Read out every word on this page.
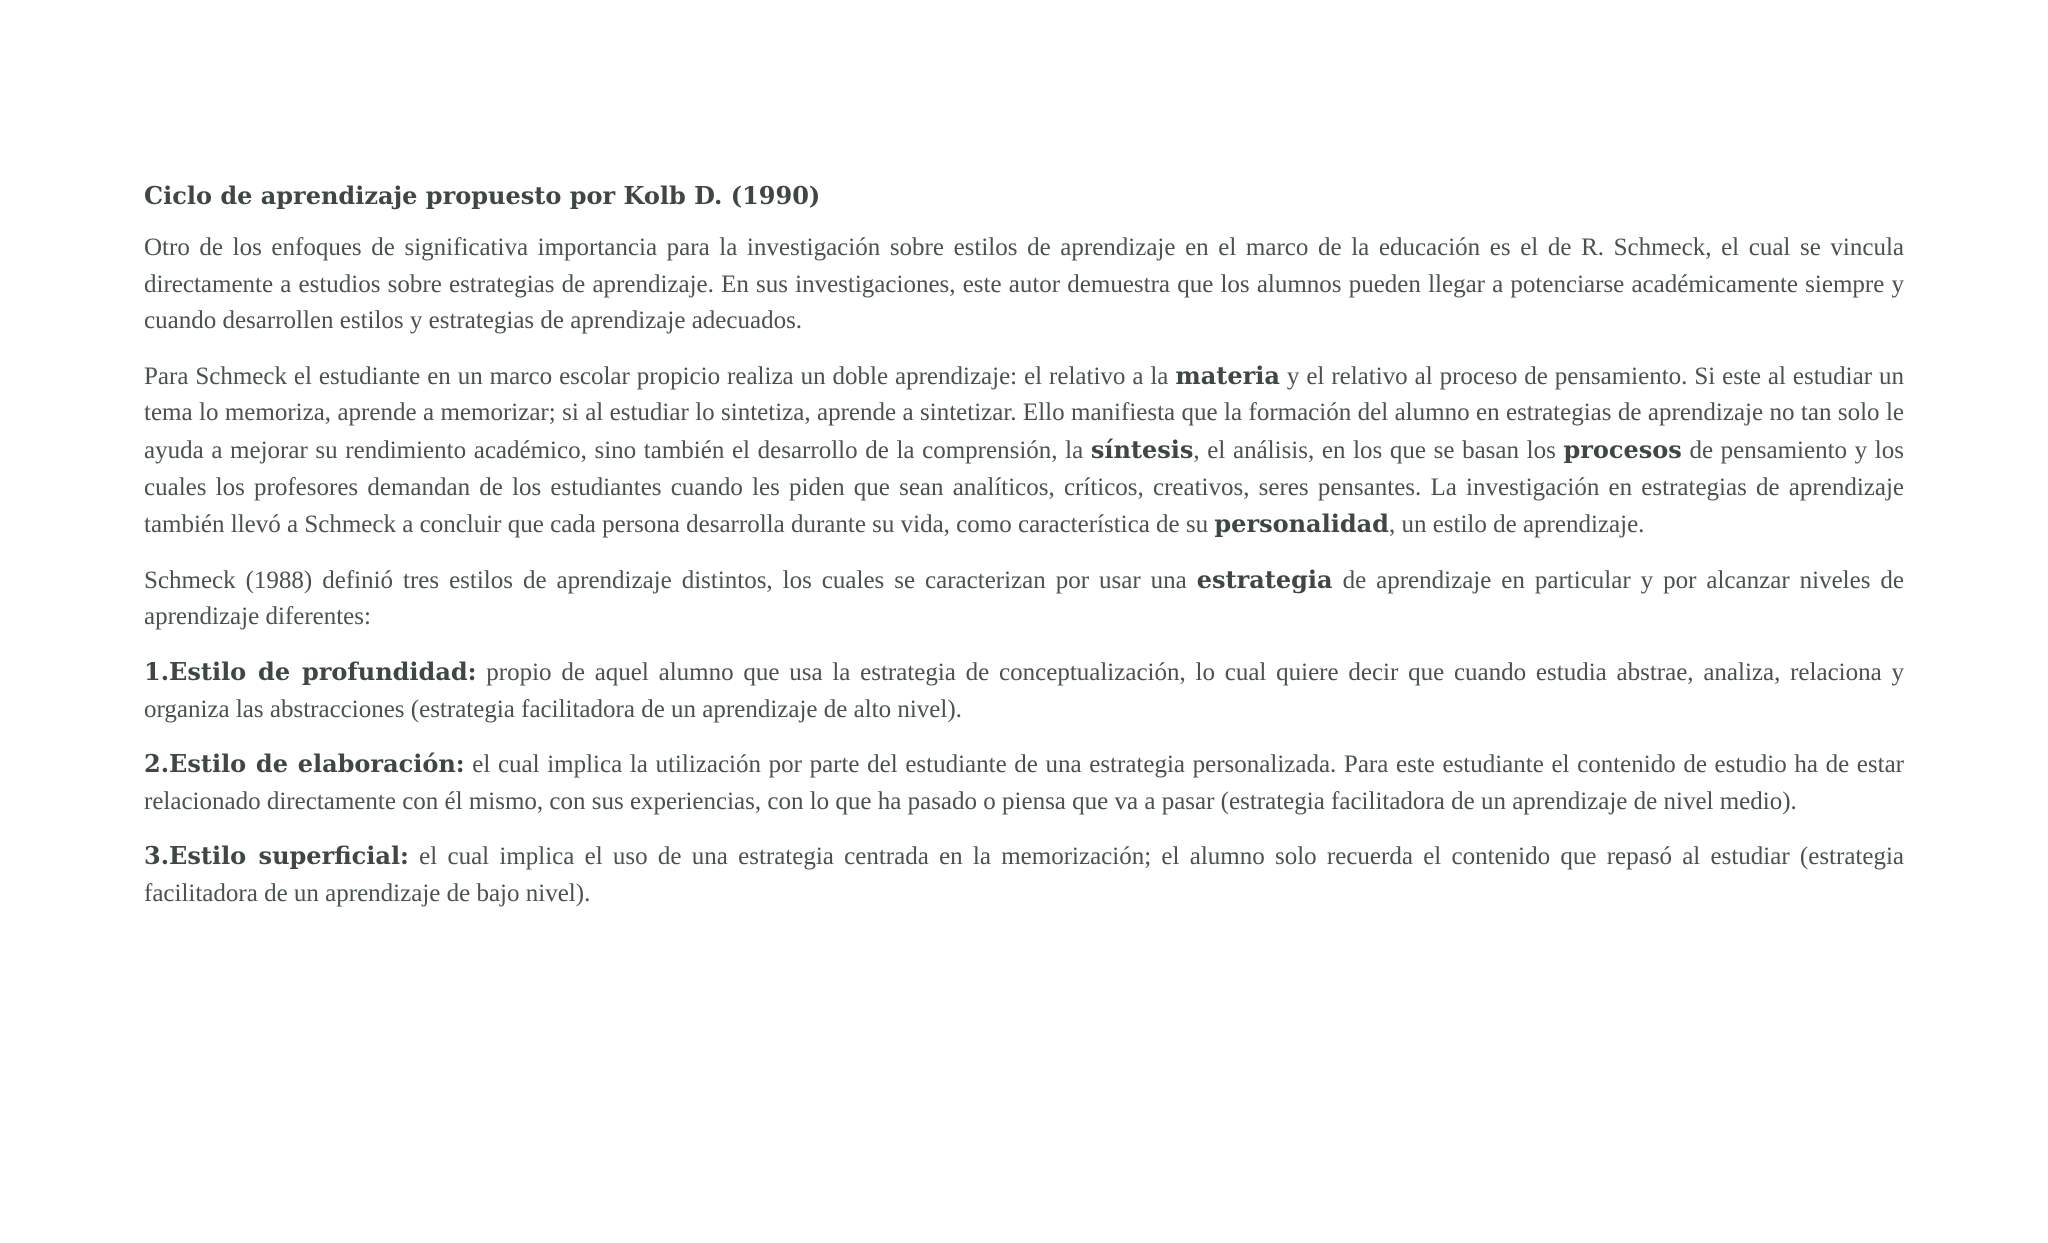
Ciclo de aprendizaje propuesto por Kolb D. (1990)

Otro de los enfoques de significativa importancia para la investigación sobre estilos de aprendizaje en el marco de la educación es el de R. Schmeck, el cual se vincula directamente a estudios sobre estrategias de aprendizaje. En sus investigaciones, este autor demuestra que los alumnos pueden llegar a potenciarse académicamente siempre y cuando desarrollen estilos y estrategias de aprendizaje adecuados.

Para Schmeck el estudiante en un marco escolar propicio realiza un doble aprendizaje: el relativo a la materia y el relativo al proceso de pensamiento. Si este al estudiar un tema lo memoriza, aprende a memorizar; si al estudiar lo sintetiza, aprende a sintetizar. Ello manifiesta que la formación del alumno en estrategias de aprendizaje no tan solo le ayuda a mejorar su rendimiento académico, sino también el desarrollo de la comprensión, la síntesis, el análisis, en los que se basan los procesos de pensamiento y los cuales los profesores demandan de los estudiantes cuando les piden que sean analíticos, críticos, creativos, seres pensantes. La investigación en estrategias de aprendizaje también llevó a Schmeck a concluir que cada persona desarrolla durante su vida, como característica de su personalidad, un estilo de aprendizaje.

Schmeck (1988) definió tres estilos de aprendizaje distintos, los cuales se caracterizan por usar una estrategia de aprendizaje en particular y por alcanzar niveles de aprendizaje diferentes:

1.Estilo de profundidad: propio de aquel alumno que usa la estrategia de conceptualización, lo cual quiere decir que cuando estudia abstrae, analiza, relaciona y organiza las abstracciones (estrategia facilitadora de un aprendizaje de alto nivel).

2.Estilo de elaboración: el cual implica la utilización por parte del estudiante de una estrategia personalizada. Para este estudiante el contenido de estudio ha de estar relacionado directamente con él mismo, con sus experiencias, con lo que ha pasado o piensa que va a pasar (estrategia facilitadora de un aprendizaje de nivel medio).

3.Estilo superficial: el cual implica el uso de una estrategia centrada en la memorización; el alumno solo recuerda el contenido que repasó al estudiar (estrategia facilitadora de un aprendizaje de bajo nivel).
